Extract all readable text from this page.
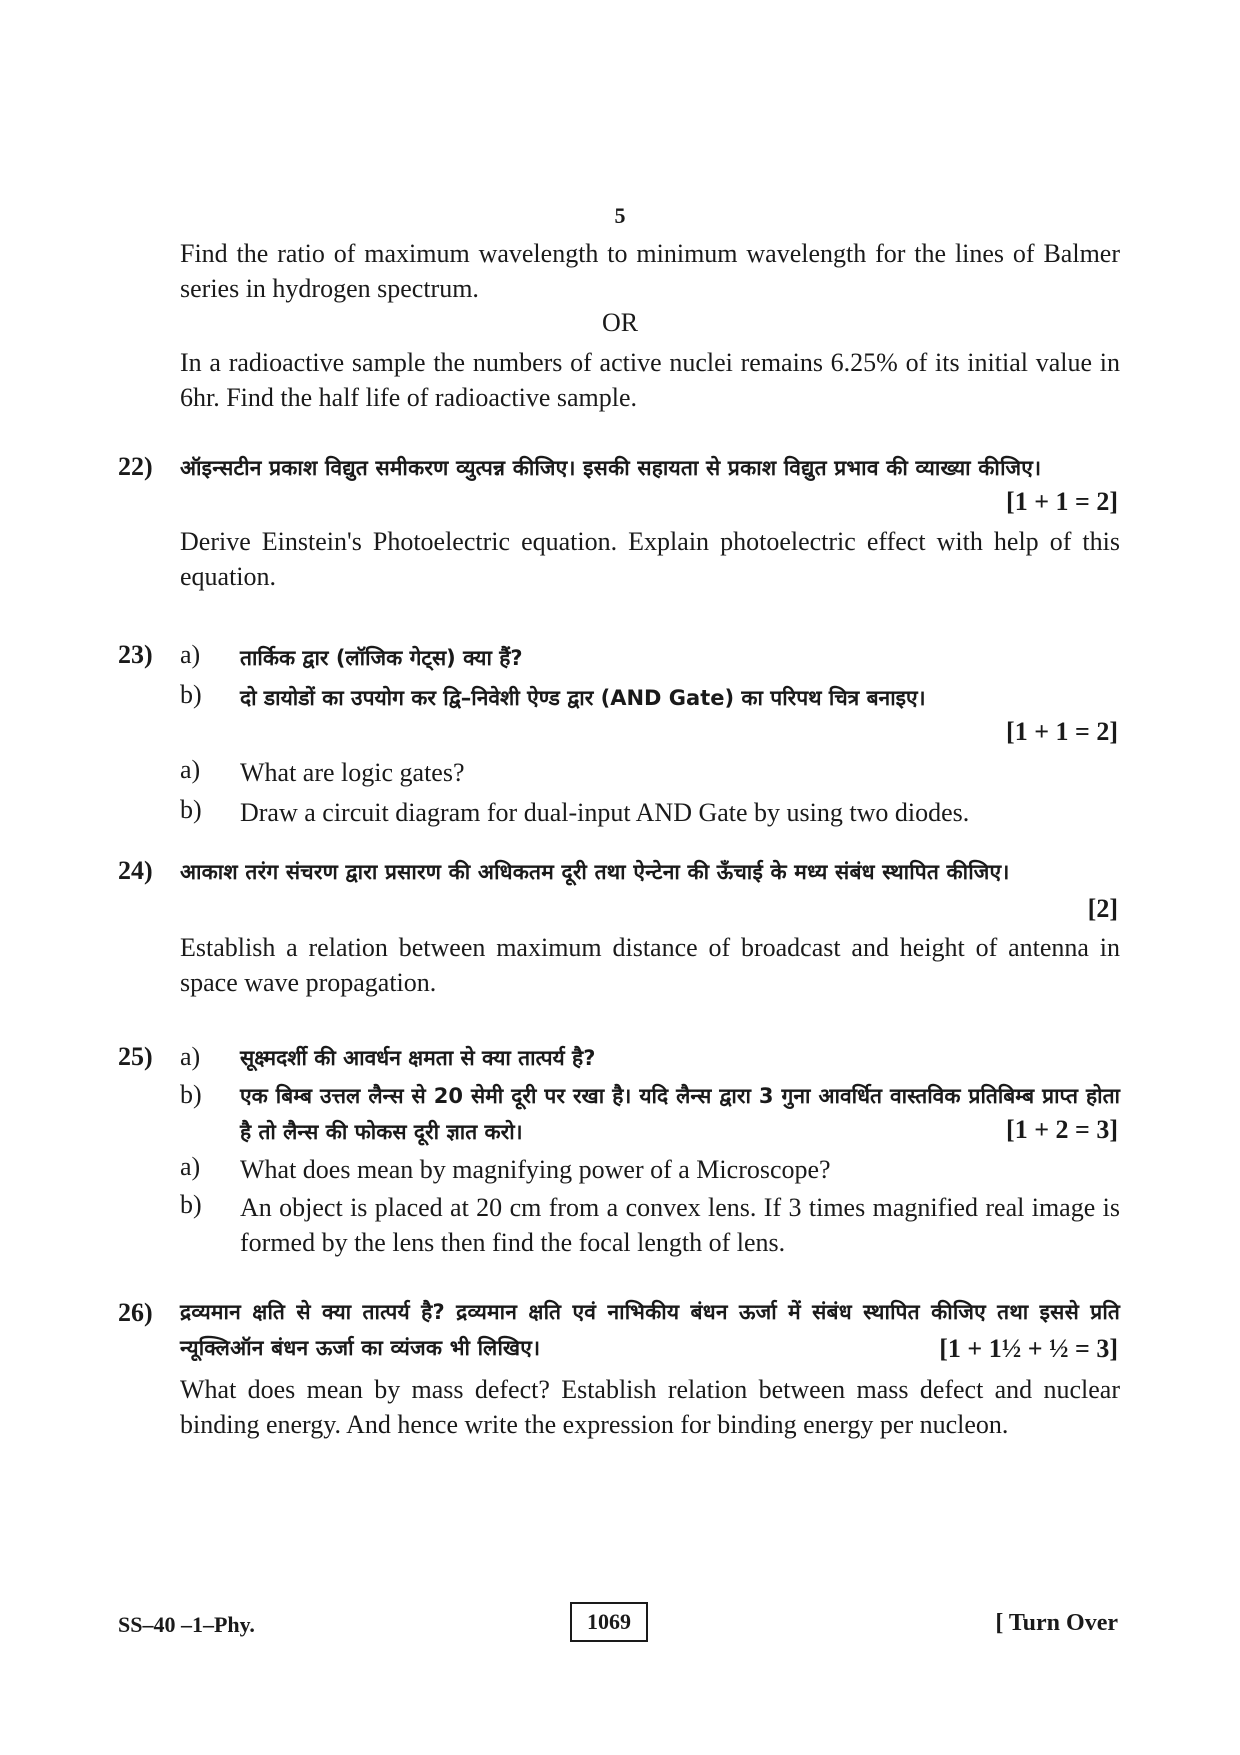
5
Find the ratio of maximum wavelength to minimum wavelength for the lines of Balmer series in hydrogen spectrum.
OR
In a radioactive sample the numbers of active nuclei remains 6.25% of its initial value in 6hr. Find the half life of radioactive sample.
22) ऑइन्सटीन प्रकाश विद्युत समीकरण व्युत्पन्न कीजिए। इसकी सहायता से प्रकाश विद्युत प्रभाव की व्याख्या कीजिए।
[1 + 1 = 2]
Derive Einstein's Photoelectric equation. Explain photoelectric effect with help of this equation.
23) a) तार्किक द्वार (लॉजिक गेट्स) क्या हैं?
b) दो डायोडों का उपयोग कर द्वि–निवेशी ऐण्ड द्वार (AND Gate) का परिपथ चित्र बनाइए।
[1 + 1 = 2]
a) What are logic gates?
b) Draw a circuit diagram for dual-input AND Gate by using two diodes.
24) आकाश तरंग संचरण द्वारा प्रसारण की अधिकतम दूरी तथा ऐन्टेना की ऊँचाई के मध्य संबंध स्थापित कीजिए।
[2]
Establish a relation between maximum distance of broadcast and height of antenna in space wave propagation.
25) a) सूक्ष्मदर्शी की आवर्धन क्षमता से क्या तात्पर्य है?
b) एक बिम्ब उत्तल लैन्स से 20 सेमी दूरी पर रखा है। यदि लैन्स द्वारा 3 गुना आवर्धित वास्तविक प्रतिबिम्ब प्राप्त होता है तो लैन्स की फोकस दूरी ज्ञात करो।	[1 + 2 = 3]
a) What does mean by magnifying power of a Microscope?
b) An object is placed at 20 cm from a convex lens. If 3 times magnified real image is formed by the lens then find the focal length of lens.
26) द्रव्यमान क्षति से क्या तात्पर्य है? द्रव्यमान क्षति एवं नाभिकीय बंधन ऊर्जा में संबंध स्थापित कीजिए तथा इससे प्रति न्यूक्लिऑन बंधन ऊर्जा का व्यंजक भी लिखिए।	[1 + 1½ + ½ = 3]
What does mean by mass defect? Establish relation between mass defect and nuclear binding energy. And hence write the expression for binding energy per nucleon.
SS–40 –1–Phy.	1069	[ Turn Over
